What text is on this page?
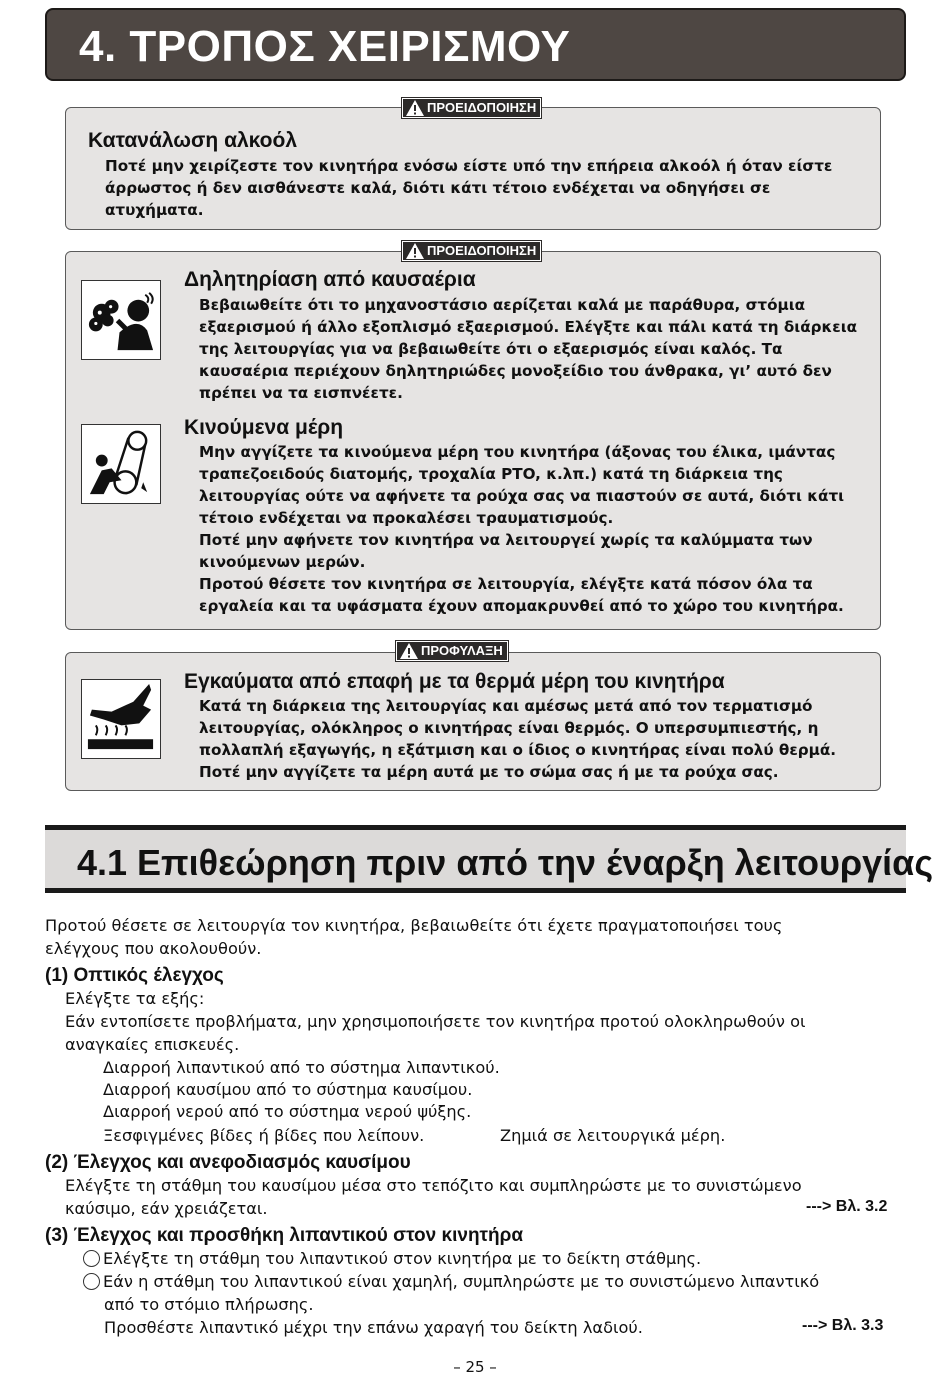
4. ΤΡΟΠΟΣ ΧΕΙΡΙΣΜΟΥ
ΠΡΟΕΙΔΟΠΟΙΗΣΗ
Κατανάλωση αλκοόλ
Ποτέ μην χειρίζεστε τον κινητήρα ενόσω είστε υπό την επήρεια αλκοόλ ή όταν είστε
άρρωστος ή δεν αισθάνεστε καλά, διότι κάτι τέτοιο ενδέχεται να οδηγήσει σε
ατυχήματα.
ΠΡΟΕΙΔΟΠΟΙΗΣΗ
Δηλητηρίαση από καυσαέρια
Βεβαιωθείτε ότι το μηχανοστάσιο αερίζεται καλά με παράθυρα, στόμια
εξαερισμού ή άλλο εξοπλισμό εξαερισμού. Ελέγξτε και πάλι κατά τη διάρκεια
της λειτουργίας για να βεβαιωθείτε ότι ο εξαερισμός είναι καλός. Τα
καυσαέρια περιέχουν δηλητηριώδες μονοξείδιο του άνθρακα, γι’ αυτό δεν
πρέπει να τα εισπνέετε.
Κινούμενα μέρη
Μην αγγίζετε τα κινούμενα μέρη του κινητήρα (άξονας του έλικα, ιμάντας
τραπεζοειδούς διατομής, τροχαλία PTO, κ.λπ.) κατά τη διάρκεια της
λειτουργίας ούτε να αφήνετε τα ρούχα σας να πιαστούν σε αυτά, διότι κάτι
τέτοιο ενδέχεται να προκαλέσει τραυματισμούς.
Ποτέ μην αφήνετε τον κινητήρα να λειτουργεί χωρίς τα καλύμματα των
κινούμενων μερών.
Προτού θέσετε τον κινητήρα σε λειτουργία, ελέγξτε κατά πόσον όλα τα
εργαλεία και τα υφάσματα έχουν απομακρυνθεί από το χώρο του κινητήρα.
ΠΡΟΦΥΛΑΞΗ
Εγκαύματα από επαφή με τα θερμά μέρη του κινητήρα
Κατά τη διάρκεια της λειτουργίας και αμέσως μετά από τον τερματισμό
λειτουργίας, ολόκληρος ο κινητήρας είναι θερμός. Ο υπερσυμπιεστής, η
πολλαπλή εξαγωγής, η εξάτμιση και ο ίδιος ο κινητήρας είναι πολύ θερμά.
Ποτέ μην αγγίζετε τα μέρη αυτά με το σώμα σας ή με τα ρούχα σας.
4.1 Επιθεώρηση πριν από την έναρξη λειτουργίας
Προτού θέσετε σε λειτουργία τον κινητήρα, βεβαιωθείτε ότι έχετε πραγματοποιήσει τους
ελέγχους που ακολουθούν.
(1) Οπτικός έλεγχος
Ελέγξτε τα εξής:
Εάν εντοπίσετε προβλήματα, μην χρησιμοποιήσετε τον κινητήρα προτού ολοκληρωθούν οι
αναγκαίες επισκευές.
Διαρροή λιπαντικού από το σύστημα λιπαντικού.
Διαρροή καυσίμου από το σύστημα καυσίμου.
Διαρροή νερού από το σύστημα νερού ψύξης.
Ξεσφιγμένες βίδες ή βίδες που λείπουν.	Ζημιά σε λειτουργικά μέρη.
(2) Έλεγχος και ανεφοδιασμός καυσίμου
Ελέγξτε τη στάθμη του καυσίμου μέσα στο τεπόζιτο και συμπληρώστε με το συνιστώμενο
καύσιμο, εάν χρειάζεται.	---> Βλ. 3.2
(3) Έλεγχος και προσθήκη λιπαντικού στον κινητήρα
Ελέγξτε τη στάθμη του λιπαντικού στον κινητήρα με το δείκτη στάθμης.
Εάν η στάθμη του λιπαντικού είναι χαμηλή, συμπληρώστε με το συνιστώμενο λιπαντικό
από το στόμιο πλήρωσης.
Προσθέστε λιπαντικό μέχρι την επάνω χαραγή του δείκτη λαδιού.	---> Βλ. 3.3
– 25 –
